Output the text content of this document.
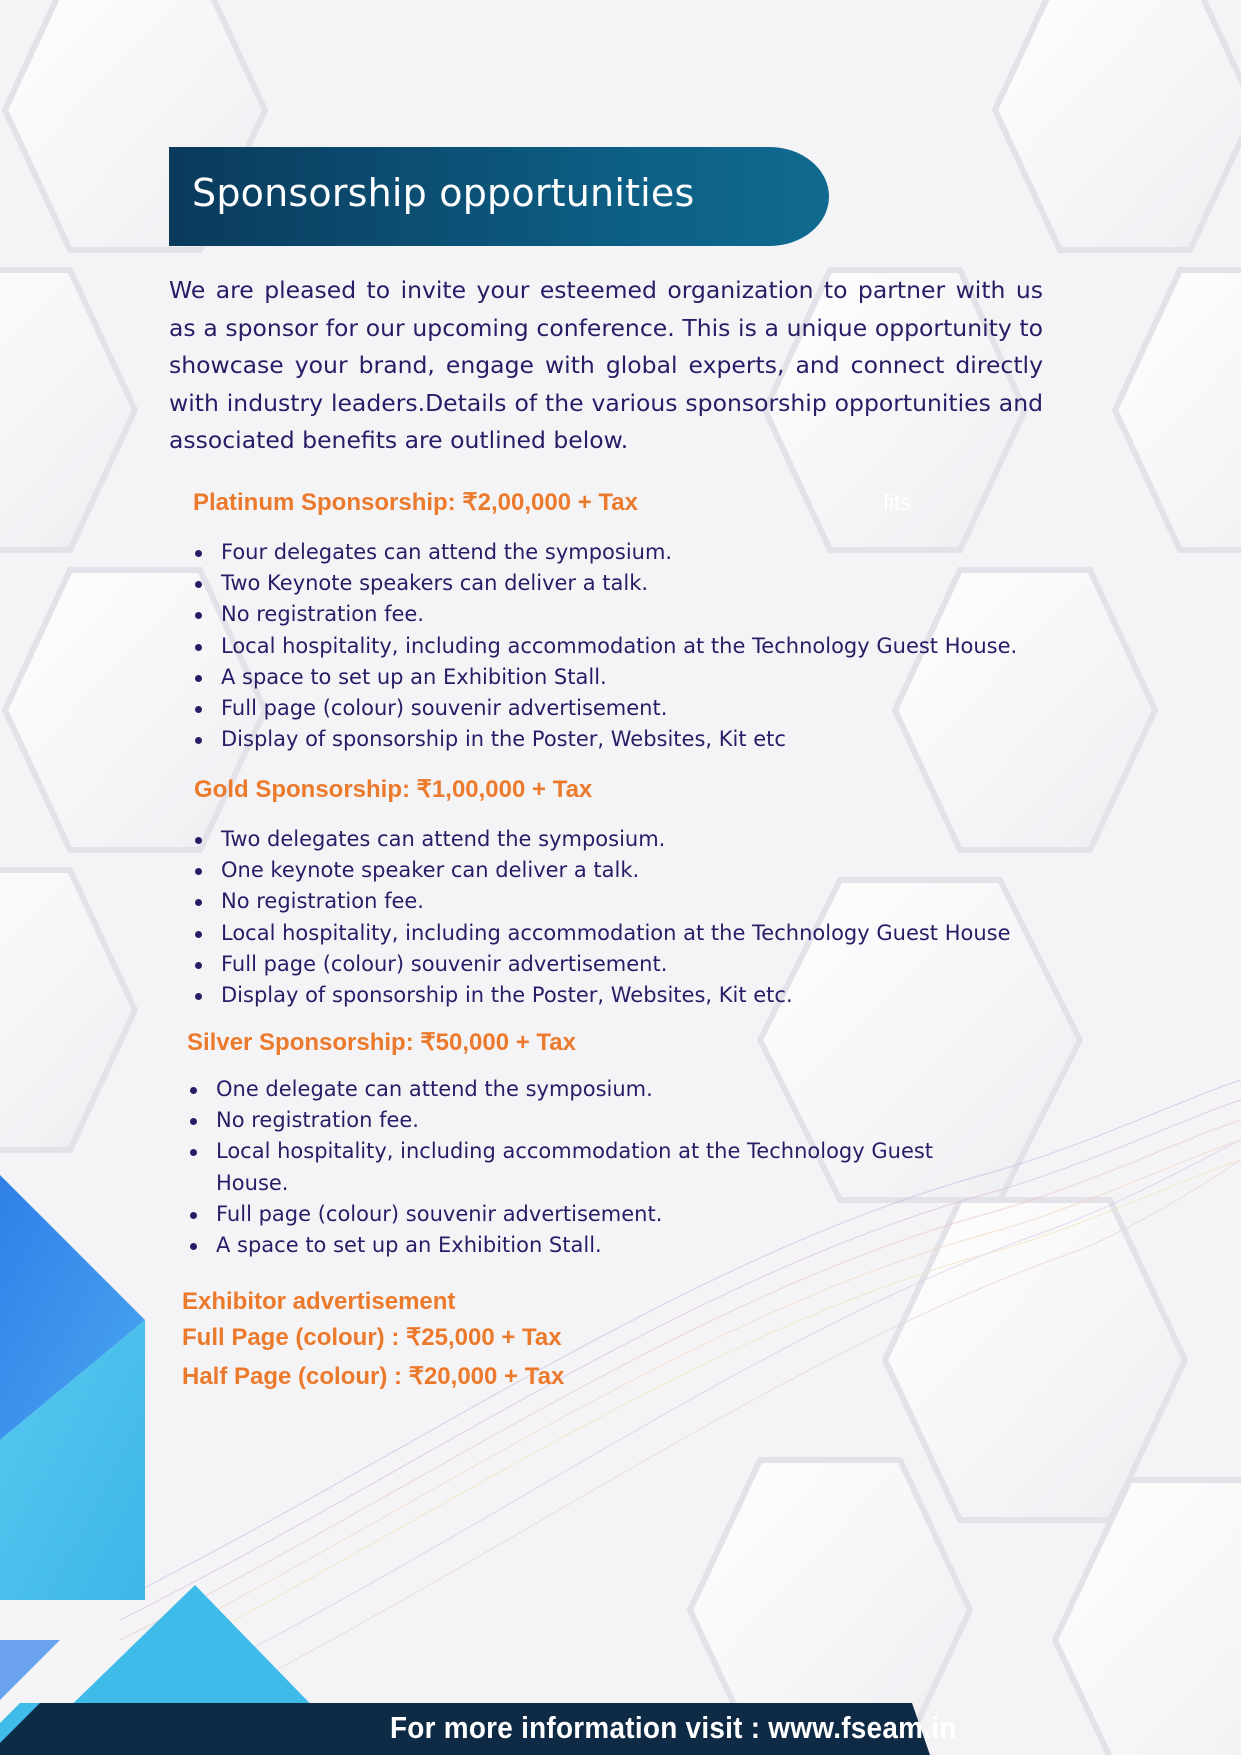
Sponsorship opportunities

We are pleased to invite your esteemed organization to partner with us as a sponsor for our upcoming conference. This is a unique opportunity to showcase your brand, engage with global experts, and connect directly with industry leaders.Details of the various sponsorship opportunities and associated benefits are outlined below.

Platinum Sponsorship: ₹2,00,000 + Tax	fits
Four delegates can attend the symposium.
Two Keynote speakers can deliver a talk.
No registration fee.
Local hospitality, including accommodation at the Technology Guest House.
A space to set up an Exhibition Stall.
Full page (colour) souvenir advertisement.
Display of sponsorship in the Poster, Websites, Kit etc
Gold Sponsorship: ₹1,00,000 + Tax
Two delegates can attend the symposium.
One keynote speaker can deliver a talk.
No registration fee.
Local hospitality, including accommodation at the Technology Guest House
Full page (colour) souvenir advertisement.
Display of sponsorship in the Poster, Websites, Kit etc.
Silver Sponsorship: ₹50,000 + Tax
One delegate can attend the symposium.
No registration fee.
Local hospitality, including accommodation at the Technology Guest House.
Full page (colour) souvenir advertisement.
A space to set up an Exhibition Stall.
Exhibitor advertisement
Full Page (colour) : ₹25,000 + Tax
Half Page (colour) : ₹20,000 + Tax
For more information visit : www.fseam.in
